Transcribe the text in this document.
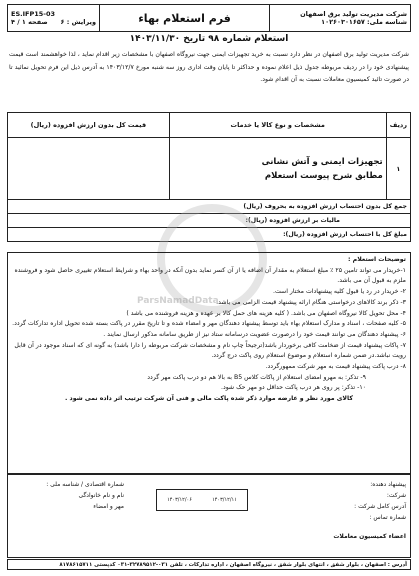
ES.IFP15-03
ویرایش : ۶
صفحه ۱ / ۴	فرم استعلام بهاء	شرکت مدیریت تولید برق اصفهان
شناسه ملی: ۱۰۲۶۰۳۰۱۶۵۷
استعلام شماره ۹۸ تاریخ ۱۴۰۳/۱۱/۳۰
شرکت مدیریت تولید برق اصفهان در نظر دارد نسبت به خرید تجهیزات ایمنی جهت نیروگاه اصفهان با مشخصات زیر اقدام نماید ، لذا خواهشمند است قیمت پیشنهادی خود را در ردیف مربوطه جدول ذیل اعلام نموده و حداکثر تا پایان وقت اداری روز سه شنبه مورخ ۱۴۰۳/۱۲/۷ به آدرس ذیل این فرم تحویل نمائید تا در صورت تائید کمیسیون معاملات نسبت به آن اقدام شود.
ردیف	مشخصات و نوع کالا یا خدمات	قیمت کل بدون ارزش افزوده (ریال)
۱	تجهیزات ایمنی و آتش نشانی
مطابق شرح پیوست استعلام	

جمع کل بدون احتساب ارزش افزوده به بحروف (ریال)		
مالیات بر ارزش افزوده (ریال):		
مبلغ کل با احتساب ارزش افزوده (ریال):		
ParsNamadData
توضیحات استعلام :
۱-خریدار می تواند تامین ۲۵ ٪ مبلغ استعلام به مقدار آن اضافه یا از آن کسر نماید بدون آنکه در واحد بهاء و شرایط استعلام تغییری حاصل شود و فروشنده ملزم به قبول آن می باشد.
۲- خریدار در رد یا قبول کلیه پیشنهادات مختار است.
۳- ذکر برند کالاهای درخواستی هنگام ارائه پیشنهاد قیمت الزامی می باشد.
۴- محل تحویل کالا نیروگاه اصفهان می باشد. ( کلیه هزینه های حمل کالا بر عهده و هزینه فروشنده می باشد )
۵- کلیه صفحات ، اسناد و مدارک استعلام بهاء باید توسط پیشنهاد دهندگان مهر و امضاء شده و تا تاریخ مقرر در پاکت بسته شده تحویل اداره تدارکات گردد.
۶- پیشنهاد دهندگان می توانند قیمت خود را درصورت عضویت درسامانه ستاد نیز از طریق سامانه مذکور ارسال نمایند .
۷- پاکات پیشنهاد قیمت از ضخامت کافی برخوردار باشد(ترجیحاً چاپ نام و مشخصات شرکت مربوطه را دارا باشد) به گونه ای که اسناد موجود در آن قابل رویت نباشد.در ضمن شماره استعلام و موضوع استعلام روی پاکت درج گردد.
۸- درب پاکت پیشنهاد قیمت به مهر شرکت ممهورگردد.
۹- تذکر: به مهرو امضای استعلام از پاکات کلاس B5 به بالا هم دو درب پاکت مهر گردد
۱۰- تذکر: پر روی هر درب پاکت حداقل دو مهر حک شود.
کالای مورد نظر و عارضه موارد ذکر شده پاکت مالی و فنی آن شرکت ترتیب اثر داده نمی شود .
پیشنهاد دهنده:
شرکت:
آدرس کامل شرکت :
شماره تماس :
اعضاء کمیسیون معاملات
۱۴۰۳/۱۲/۱۱
۱۴۰۳/۱۲/۰۶
شماره اقتصادی / شناسه ملی :
نام و نام خانوادگی
مهر و امضاء
آدرس : اصفهان ، بلوار شفق ، انتهای بلوار شفق ، نیروگاه اصفهان ، اداره تدارکات ، تلفن ۰۳۱-۳۲۷۸۹۵۱۲-۰۳۱ کدپستی ۸۱۷۸۶۱۵۷۱۱
